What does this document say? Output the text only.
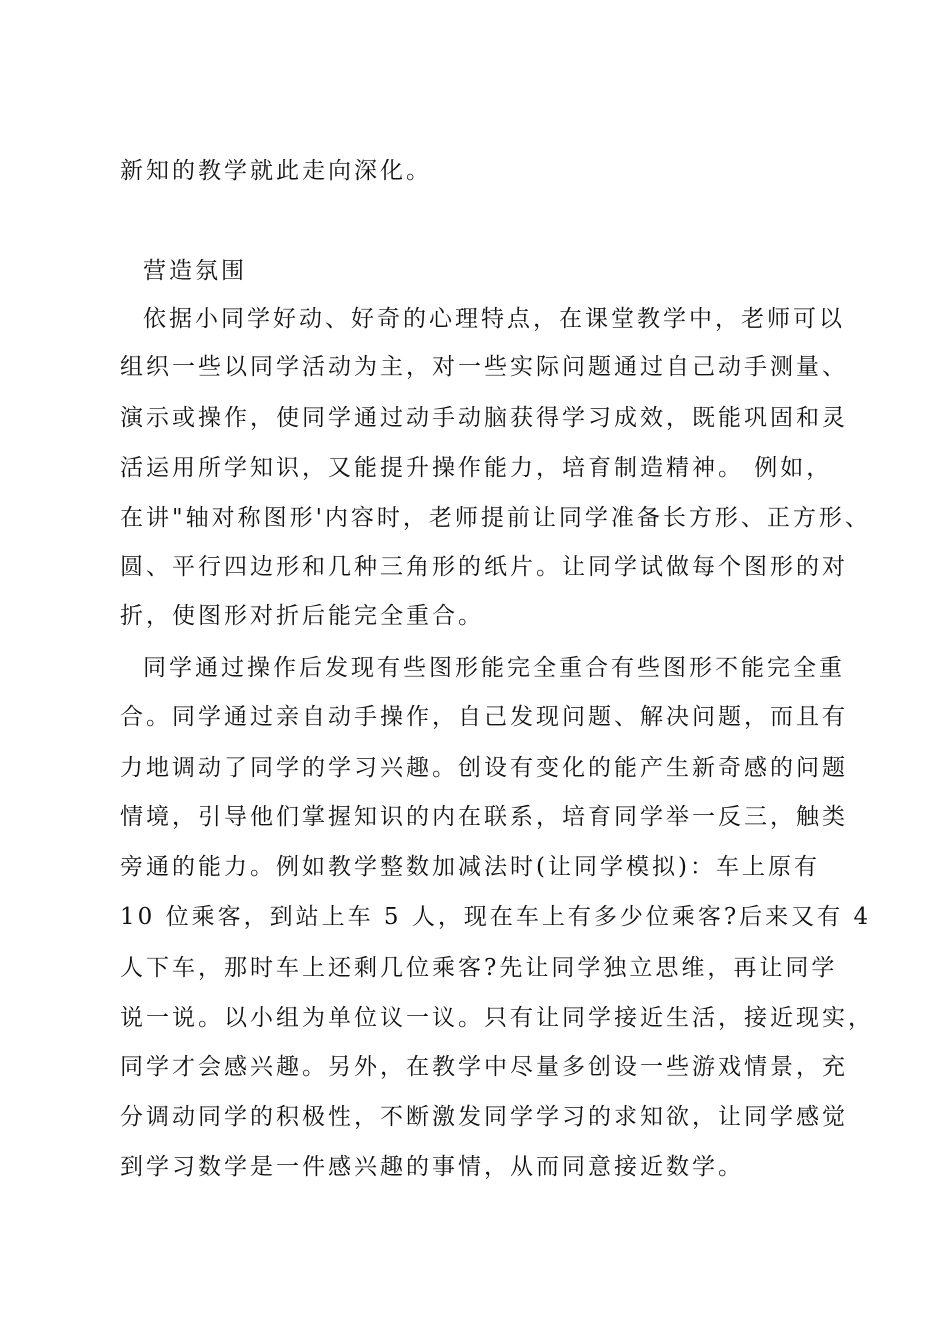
新知的教学就此走向深化。
营造氛围
依据小同学好动、好奇的心理特点，在课堂教学中，老师可以
组织一些以同学活动为主，对一些实际问题通过自己动手测量、
演示或操作，使同学通过动手动脑获得学习成效，既能巩固和灵
活运用所学知识，又能提升操作能力，培育制造精神。 例如，
在讲"轴对称图形'内容时，老师提前让同学准备长方形、正方形、
圆、平行四边形和几种三角形的纸片。让同学试做每个图形的对
折，使图形对折后能完全重合。
同学通过操作后发现有些图形能完全重合有些图形不能完全重
合。同学通过亲自动手操作，自己发现问题、解决问题，而且有
力地调动了同学的学习兴趣。创设有变化的能产生新奇感的问题
情境，引导他们掌握知识的内在联系，培育同学举一反三，触类
旁通的能力。例如教学整数加减法时(让同学模拟)：车上原有
10 位乘客，到站上车 5 人，现在车上有多少位乘客?后来又有 4
人下车，那时车上还剩几位乘客?先让同学独立思维，再让同学
说一说。以小组为单位议一议。只有让同学接近生活，接近现实，
同学才会感兴趣。另外，在教学中尽量多创设一些游戏情景，充
分调动同学的积极性，不断激发同学学习的求知欲，让同学感觉
到学习数学是一件感兴趣的事情，从而同意接近数学。
